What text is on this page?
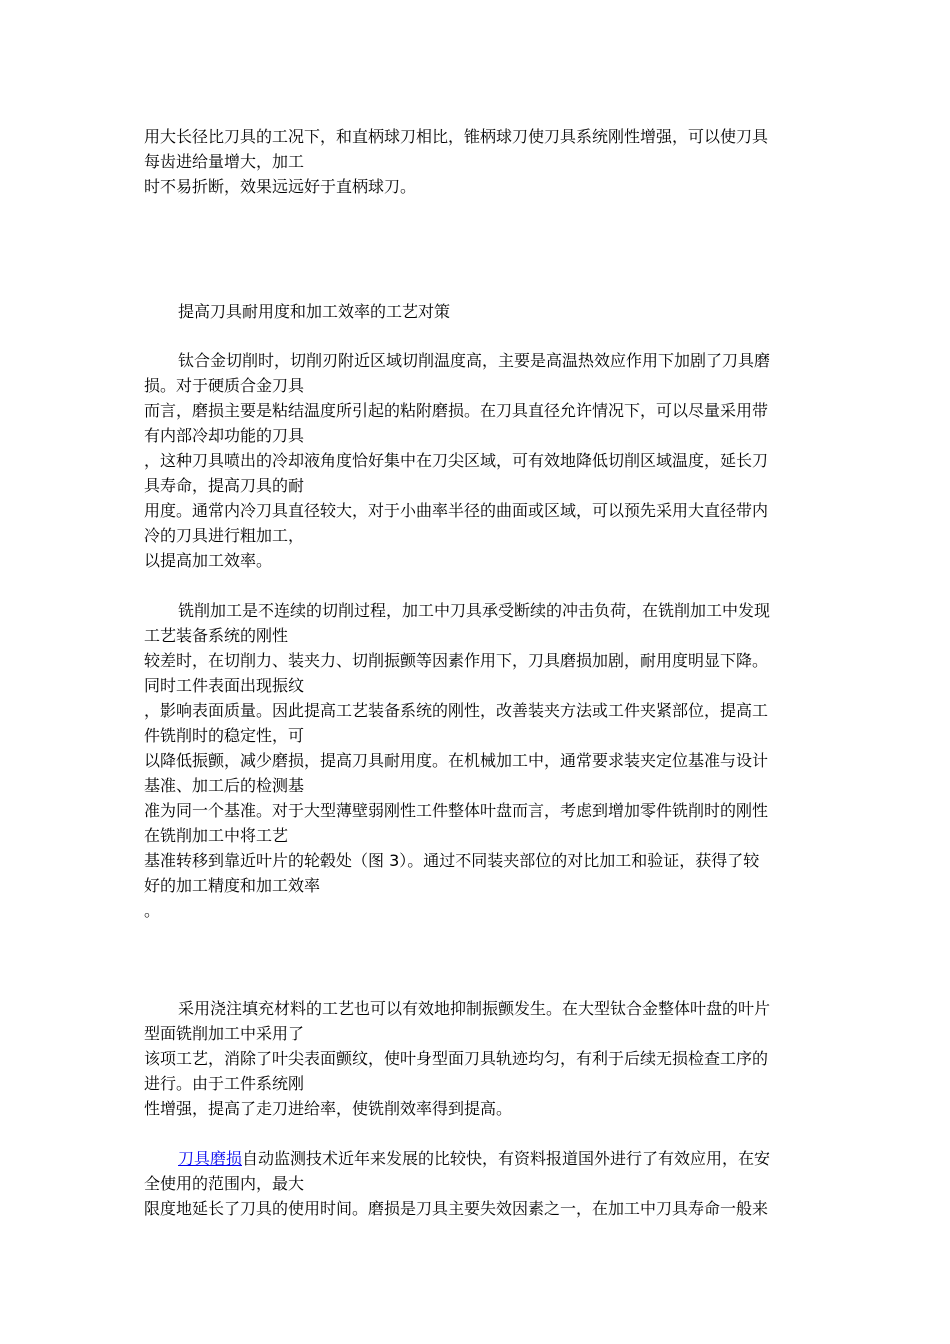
用大长径比刀具的工况下，和直柄球刀相比，锥柄球刀使刀具系统刚性增强，可以使刀具
每齿进给量增大，加工
时不易折断，效果远远好于直柄球刀。
提高刀具耐用度和加工效率的工艺对策
钛合金切削时，切削刃附近区域切削温度高，主要是高温热效应作用下加剧了刀具磨
损。对于硬质合金刀具
而言，磨损主要是粘结温度所引起的粘附磨损。在刀具直径允许情况下，可以尽量采用带
有内部冷却功能的刀具
，这种刀具喷出的冷却液角度恰好集中在刀尖区域，可有效地降低切削区域温度，延长刀
具寿命，提高刀具的耐
用度。通常内冷刀具直径较大，对于小曲率半径的曲面或区域，可以预先采用大直径带内
冷的刀具进行粗加工，
以提高加工效率。
铣削加工是不连续的切削过程，加工中刀具承受断续的冲击负荷，在铣削加工中发现
工艺装备系统的刚性
较差时，在切削力、装夹力、切削振颤等因素作用下，刀具磨损加剧，耐用度明显下降。
同时工件表面出现振纹
，影响表面质量。因此提高工艺装备系统的刚性，改善装夹方法或工件夹紧部位，提高工
件铣削时的稳定性，可
以降低振颤，减少磨损，提高刀具耐用度。在机械加工中，通常要求装夹定位基准与设计
基准、加工后的检测基
准为同一个基准。对于大型薄壁弱刚性工件整体叶盘而言，考虑到增加零件铣削时的刚性
在铣削加工中将工艺
基准转移到靠近叶片的轮毂处（图 3）。通过不同装夹部位的对比加工和验证，获得了较
好的加工精度和加工效率
。
采用浇注填充材料的工艺也可以有效地抑制振颤发生。在大型钛合金整体叶盘的叶片
型面铣削加工中采用了
该项工艺，消除了叶尖表面颤纹，使叶身型面刀具轨迹均匀，有利于后续无损检查工序的
进行。由于工件系统刚
性增强，提高了走刀进给率，使铣削效率得到提高。
刀具磨损自动监测技术近年来发展的比较快，有资料报道国外进行了有效应用，在安
全使用的范围内，最大
限度地延长了刀具的使用时间。磨损是刀具主要失效因素之一，在加工中刀具寿命一般来
